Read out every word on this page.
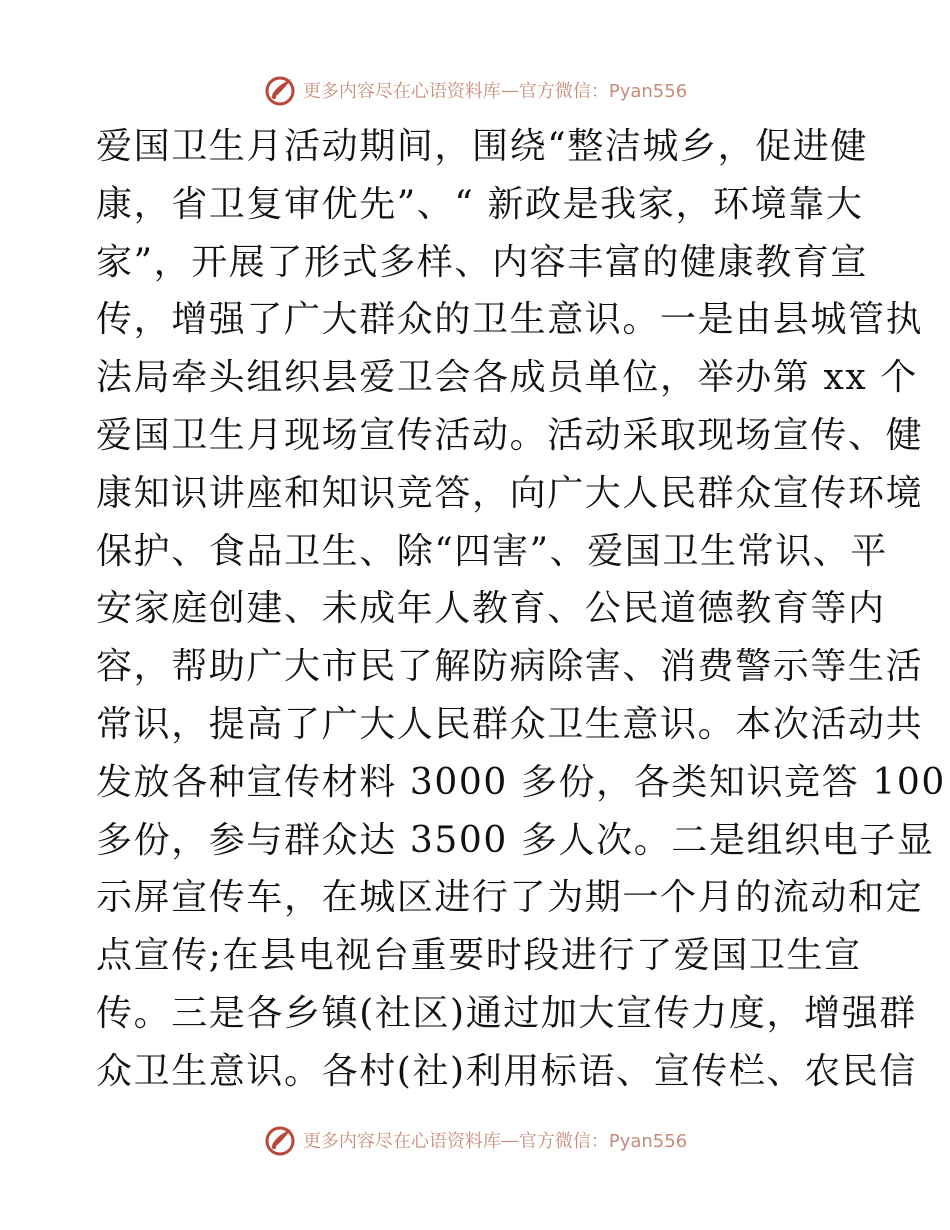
更多内容尽在心语资料库 — 官方微信：Pyan556
爱国卫生月活动期间，围绕“整洁城乡，促进健
康，省卫复审优先”、“ 新政是我家，环境靠大
家”，开展了形式多样、内容丰富的健康教育宣
传，增强了广大群众的卫生意识。一是由县城管执
法局牵头组织县爱卫会各成员单位，举办第 xx 个
爱国卫生月现场宣传活动。活动采取现场宣传、健
康知识讲座和知识竞答，向广大人民群众宣传环境
保护、食品卫生、除“四害”、爱国卫生常识、平
安家庭创建、未成年人教育、公民道德教育等内
容，帮助广大市民了解防病除害、消费警示等生活
常识，提高了广大人民群众卫生意识。本次活动共
发放各种宣传材料 3000 多份，各类知识竞答 100
多份，参与群众达 3500 多人次。二是组织电子显
示屏宣传车，在城区进行了为期一个月的流动和定
点宣传;在县电视台重要时段进行了爱国卫生宣
传。三是各乡镇(社区)通过加大宣传力度，增强群
众卫生意识。各村(社)利用标语、宣传栏、农民信
更多内容尽在心语资料库 — 官方微信：Pyan556
